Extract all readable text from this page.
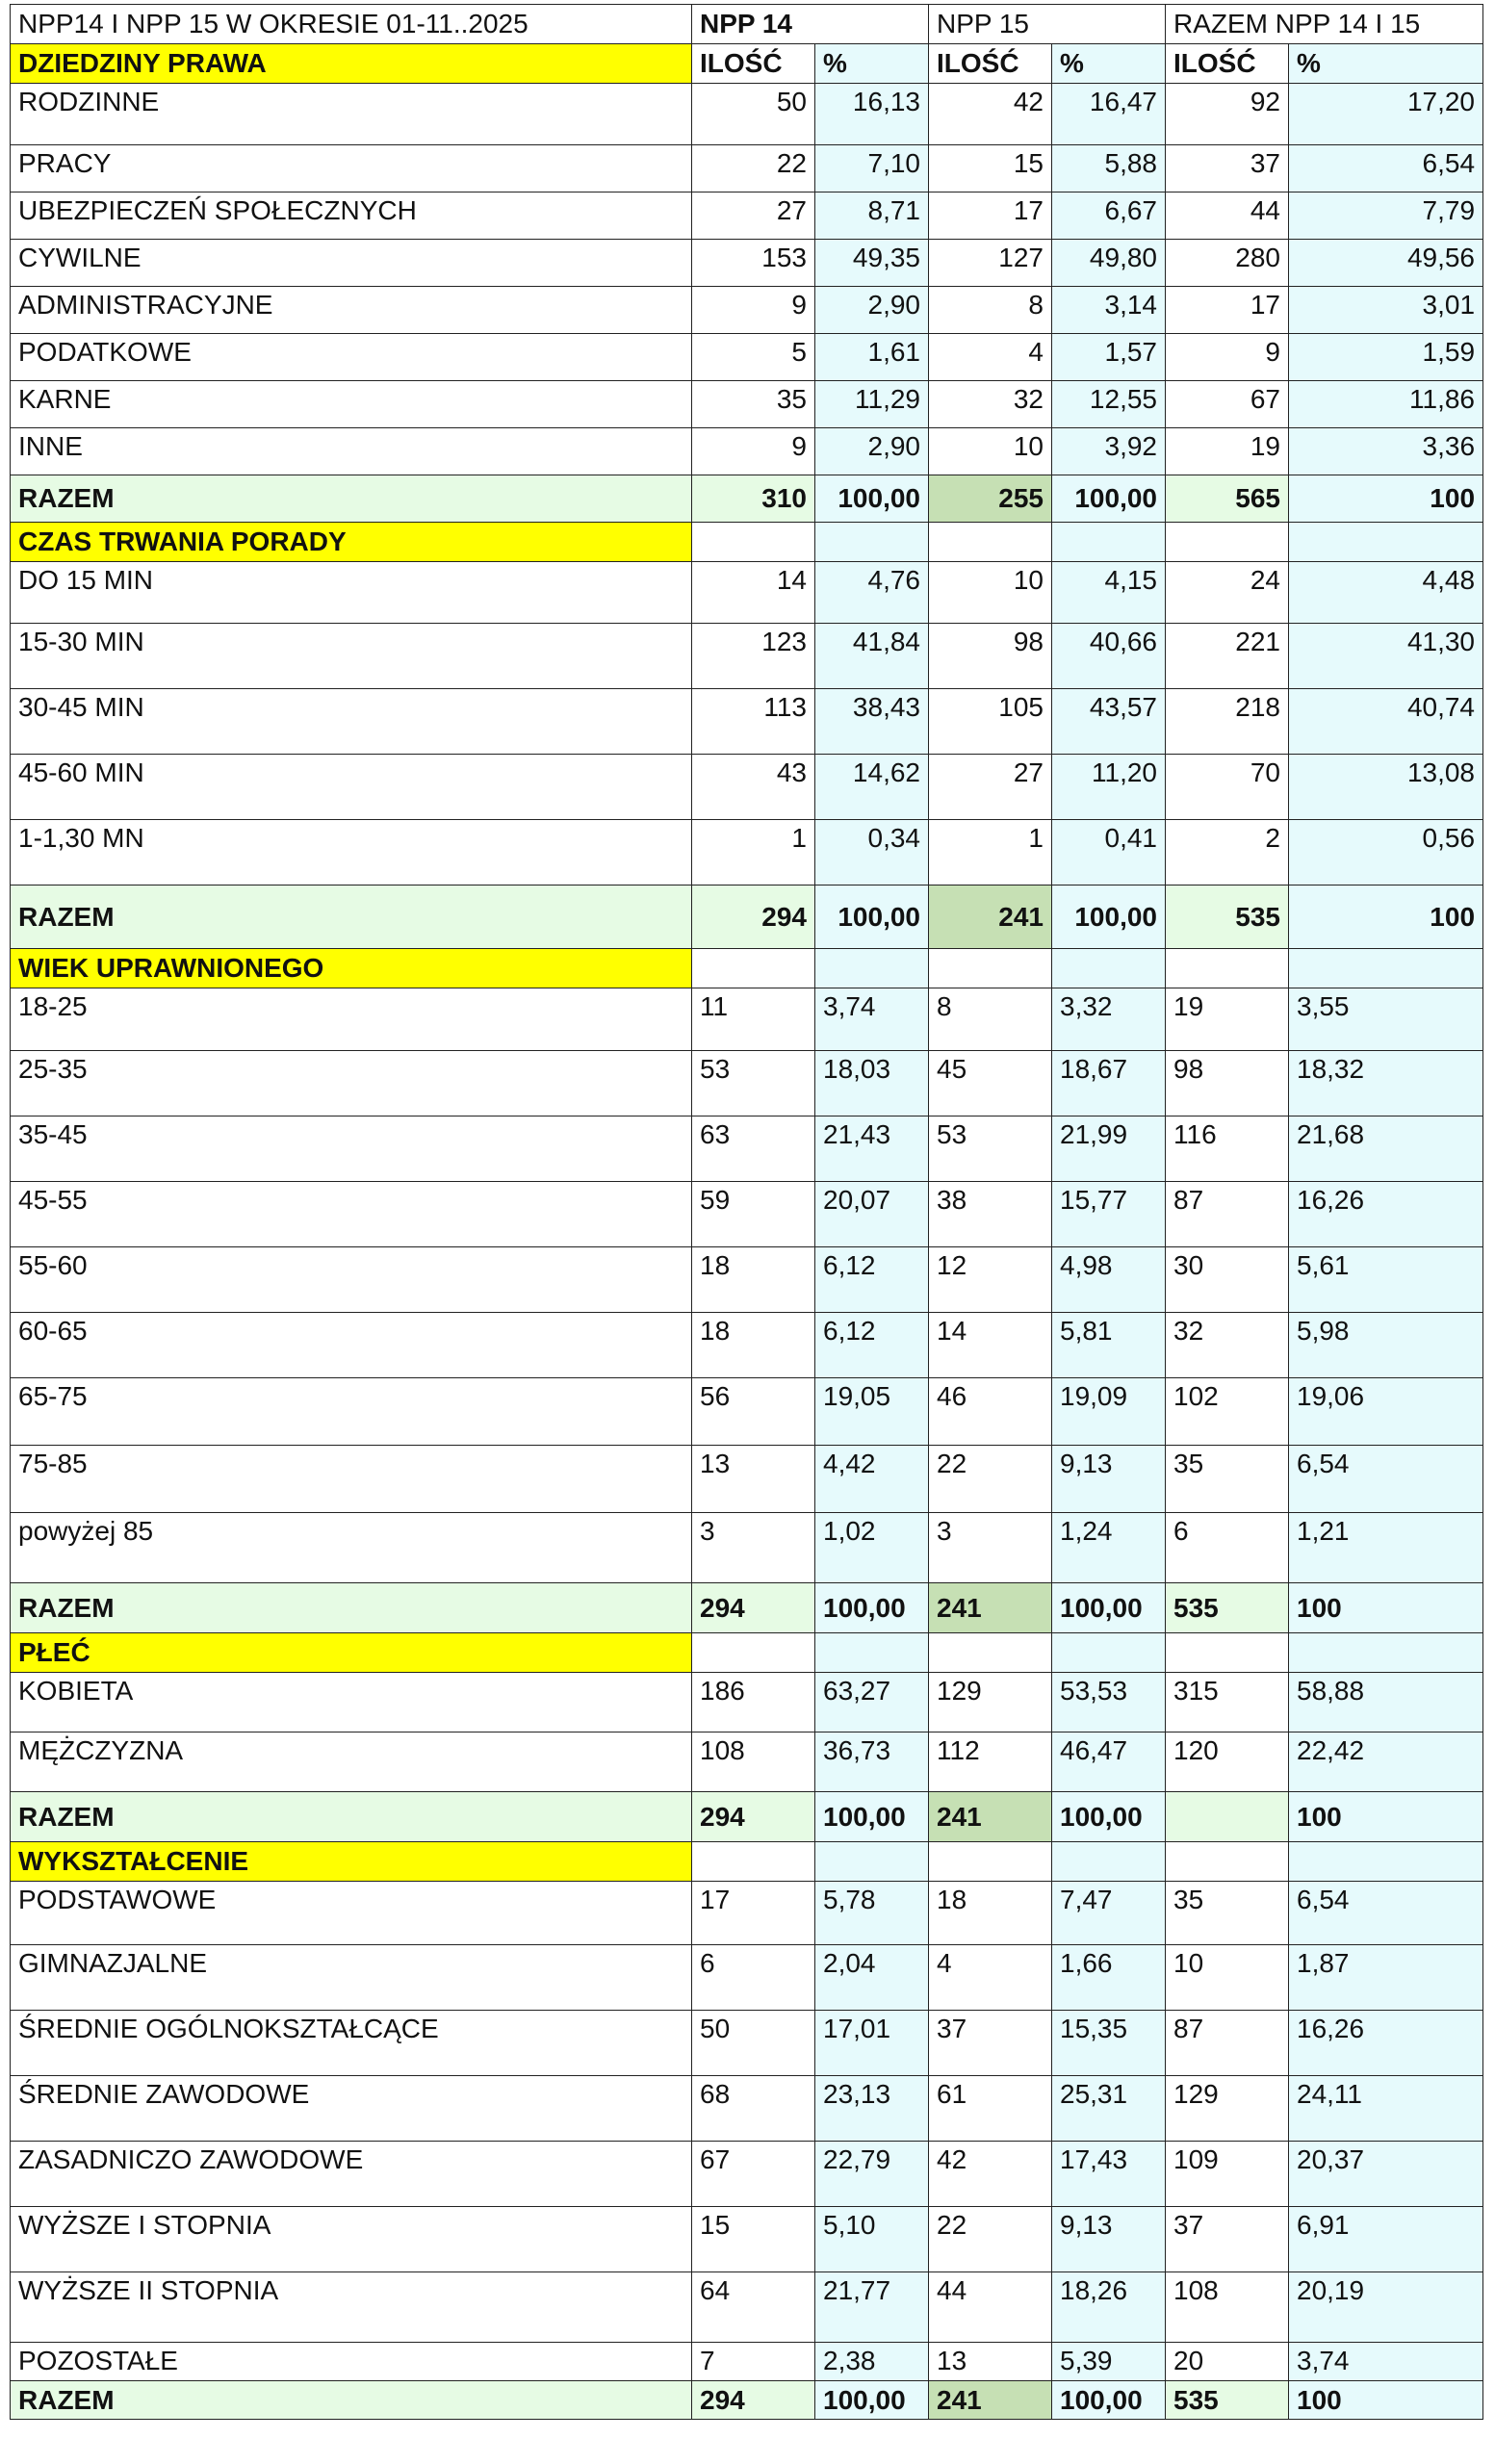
NPP14 I NPP 15 W OKRESIE 01-11..2025	NPP 14		NPP 15		RAZEM NPP 14 I 15	
DZIEDZINY PRAWA	ILOŚĆ	%	ILOŚĆ	%	ILOŚĆ	%
RODZINNE	50	16,13	42	16,47	92	17,20
PRACY	22	7,10	15	5,88	37	6,54
UBEZPIECZEŃ SPOŁECZNYCH	27	8,71	17	6,67	44	7,79
CYWILNE	153	49,35	127	49,80	280	49,56
ADMINISTRACYJNE	9	2,90	8	3,14	17	3,01
PODATKOWE	5	1,61	4	1,57	9	1,59
KARNE	35	11,29	32	12,55	67	11,86
INNE	9	2,90	10	3,92	19	3,36
RAZEM	310	100,00	255	100,00	565	100
CZAS TRWANIA PORADY						
DO 15 MIN	14	4,76	10	4,15	24	4,48
15-30 MIN	123	41,84	98	40,66	221	41,30
30-45 MIN	113	38,43	105	43,57	218	40,74
45-60 MIN	43	14,62	27	11,20	70	13,08
1-1,30 MN	1	0,34	1	0,41	2	0,56
RAZEM	294	100,00	241	100,00	535	100
WIEK UPRAWNIONEGO						
18-25	11	3,74	8	3,32	19	3,55
25-35	53	18,03	45	18,67	98	18,32
35-45	63	21,43	53	21,99	116	21,68
45-55	59	20,07	38	15,77	87	16,26
55-60	18	6,12	12	4,98	30	5,61
60-65	18	6,12	14	5,81	32	5,98
65-75	56	19,05	46	19,09	102	19,06
75-85	13	4,42	22	9,13	35	6,54
powyżej 85	3	1,02	3	1,24	6	1,21
RAZEM	294	100,00	241	100,00	535	100
PŁEĆ						
KOBIETA	186	63,27	129	53,53	315	58,88
MĘŻCZYZNA	108	36,73	112	46,47	120	22,42
RAZEM	294	100,00	241	100,00		100
WYKSZTAŁCENIE						
PODSTAWOWE	17	5,78	18	7,47	35	6,54
GIMNAZJALNE	6	2,04	4	1,66	10	1,87
ŚREDNIE OGÓLNOKSZTAŁCĄCE	50	17,01	37	15,35	87	16,26
ŚREDNIE ZAWODOWE	68	23,13	61	25,31	129	24,11
ZASADNICZO ZAWODOWE	67	22,79	42	17,43	109	20,37
WYŻSZE I STOPNIA	15	5,10	22	9,13	37	6,91
WYŻSZE II STOPNIA	64	21,77	44	18,26	108	20,19
POZOSTAŁE	7	2,38	13	5,39	20	3,74
RAZEM	294	100,00	241	100,00	535	100
